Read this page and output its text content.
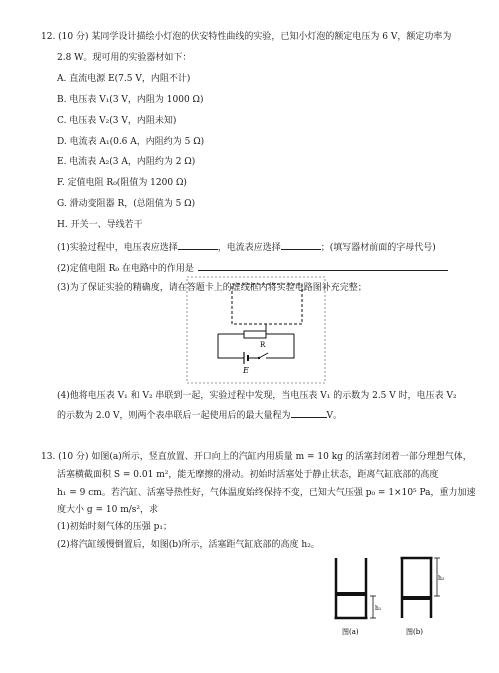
12. (10 分) 某同学设计描绘小灯泡的伏安特性曲线的实验，已知小灯泡的额定电压为 6 V，额定功率为
2.8 W。现可用的实验器材如下：
A. 直流电源 E(7.5 V，内阻不计)
B. 电压表 V₁(3 V，内阻为 1000 Ω)
C. 电压表 V₂(3 V，内阻未知)
D. 电流表 A₁(0.6 A，内阻约为 5 Ω)
E. 电流表 A₂(3 A，内阻约为 2 Ω)
F. 定值电阻 R₀(阻值为 1200 Ω)
G. 滑动变阻器 R，(总阻值为 5 Ω)
H. 开关一、导线若干
(1)实验过程中，电压表应选择	，电流表应选择	；(填写器材前面的字母代号)
(2)定值电阻 R₀ 在电路中的作用是
(3)为了保证实验的精确度，请在答题卡上的虚线框内将实验电路图补充完整；
R
E
(4)他将电压表 V₁ 和 V₂ 串联到一起，实验过程中发现，当电压表 V₁ 的示数为 2.5 V 时，电压表 V₂
的示数为 2.0 V，则两个表串联后一起使用后的最大量程为	V。
13. (10 分) 如图(a)所示，竖直放置、开口向上的汽缸内用质量 m = 10 kg 的活塞封闭着一部分理想气体，
活塞横截面积 S = 0.01 m²，能无摩擦的滑动。初始时活塞处于静止状态，距离气缸底部的高度
h₁ = 9 cm。若汽缸、活塞导热性好，气体温度始终保持不变，已知大气压强 p₀ = 1×10⁵ Pa，重力加速
度大小 g = 10 m/s²，求
(1)初始时刻气体的压强 p₁；
(2)将汽缸缓慢倒置后，如图(b)所示，活塞距气缸底部的高度 h₂。
h₁
h₂
图(a)	图(b)
